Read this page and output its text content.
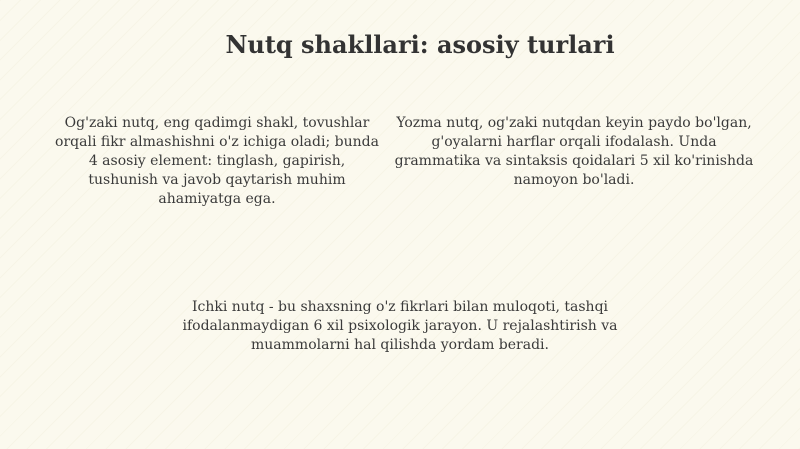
Nutq shakllari: asosiy turlari

Og'zaki nutq, eng qadimgi shakl, tovushlar orqali fikr almashishni o'z ichiga oladi; bunda 4 asosiy element: tinglash, gapirish, tushunish va javob qaytarish muhim ahamiyatga ega.

Yozma nutq, og'zaki nutqdan keyin paydo bo'lgan, g'oyalarni harflar orqali ifodalash. Unda grammatika va sintaksis qoidalari 5 xil ko'rinishda namoyon bo'ladi.

Ichki nutq - bu shaxsning o'z fikrlari bilan muloqoti, tashqi ifodalanmaydigan 6 xil psixologik jarayon. U rejalashtirish va muammolarni hal qilishda yordam beradi.
